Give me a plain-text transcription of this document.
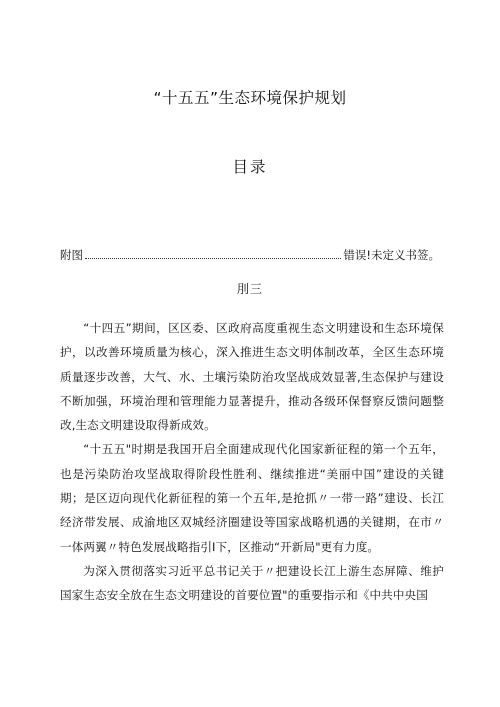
“十五五”生态环境保护规划
目录
附图	错误!未定义书签。
刖三

“十四五”期间，区区委、区政府高度重视生态文明建设和生态环境保护，以改善环境质量为核心，深入推进生态文明体制改革，全区生态环境质量逐步改善，大气、水、土壤污染防治攻坚战成效显著,生态保护与建设不断加强，环境治理和管理能力显著提升，推动各级环保督察反馈问题整改,生态文明建设取得新成效。

“十五五"时期是我国开启全面建成现代化国家新征程的第一个五年，也是污染防治攻坚战取得阶段性胜利、继续推进“美丽中国”建设的关键期；是区迈向现代化新征程的第一个五年,是抢抓〃一带一路”建设、长江经济带发展、成渝地区双城经济圈建设等国家战略机遇的关键期，在市〃一体两翼〃特色发展战略指引I下，区推动“开新局"更有力度。

为深入贯彻落实习近平总书记关于〃把建设长江上游生态屏障、维护国家生态安全放在生态文明建设的首要位置"的重要指示和《中共中央国
